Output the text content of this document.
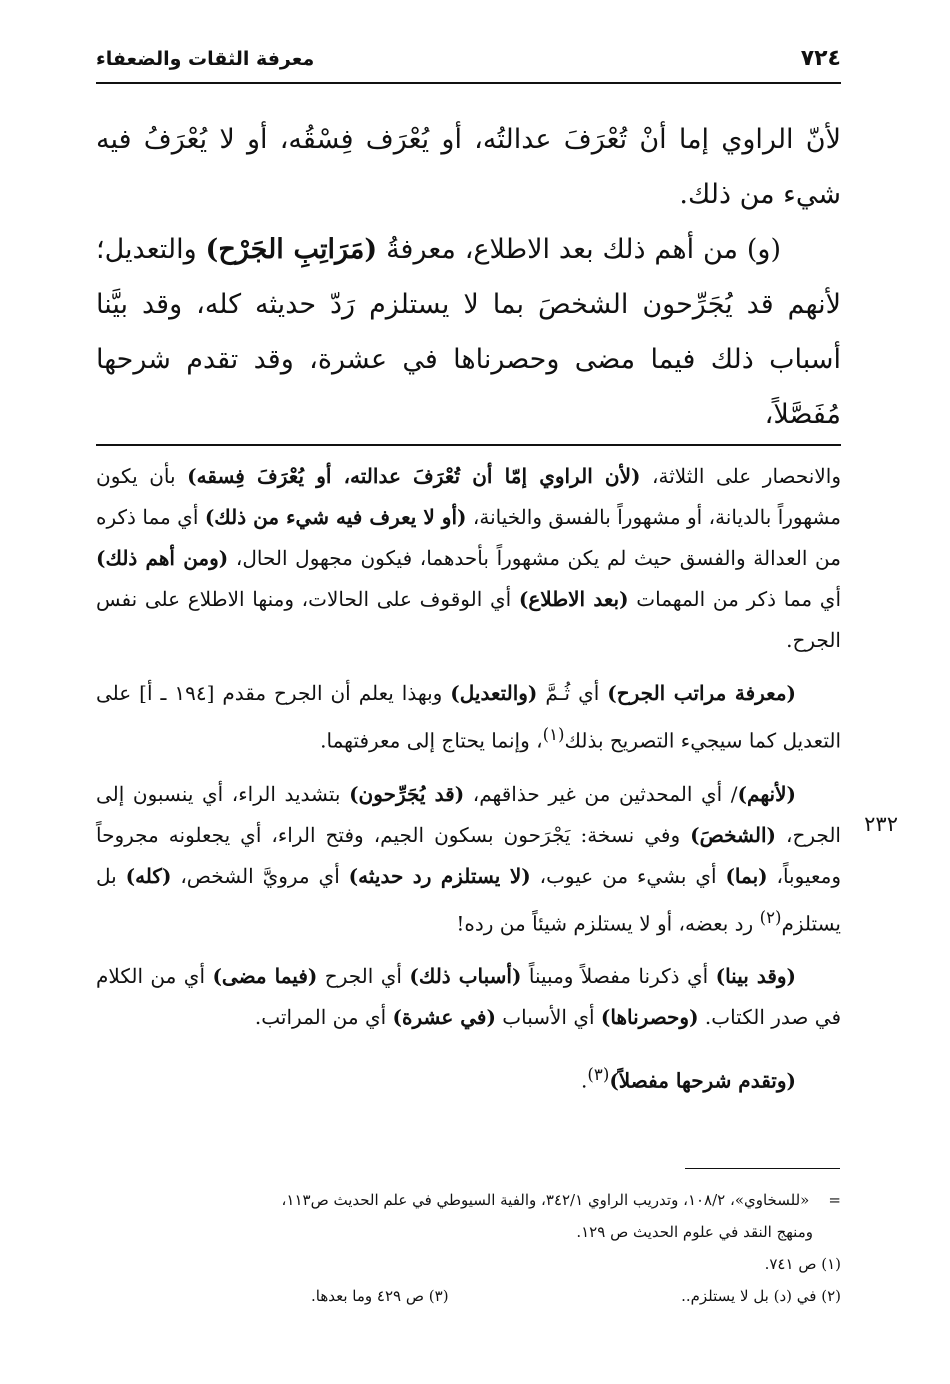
٧٢٤
معرفة الثقات والضعفاء

لأنّ الراوي إما أنْ تُعْرَفَ عدالتُه، أو يُعْرَف فِسْقُه، أو لا يُعْرَفُ فيه شيء من ذلك.

(و) من أهم ذلك بعد الاطلاع، معرفةُ (مَرَاتِبِ الجَرْح) والتعديل؛ لأنهم قد يُجَرِّحون الشخصَ بما لا يستلزم رَدّ حديثه كله، وقد بيَّنا أسباب ذلك فيما مضى وحصرناها في عشرة، وقد تقدم شرحها مُفَصَّلاً،

والانحصار على الثلاثة، (لأن الراوي إمّا أن تُعْرَفَ عدالته، أو يُعْرَفَ فِسقه) بأن يكون مشهوراً بالديانة، أو مشهوراً بالفسق والخيانة، (أو لا يعرف فيه شيء من ذلك) أي مما ذكره من العدالة والفسق حيث لم يكن مشهوراً بأحدهما، فيكون مجهول الحال، (ومن أهم ذلك) أي مما ذكر من المهمات (بعد الاطلاع) أي الوقوف على الحالات، ومنها الاطلاع على نفس الجرح.

(معرفة مراتب الجرح) أي ثُـمَّ (والتعديل) وبهذا يعلم أن الجرح مقدم [١٩٤ ـ أ] على التعديل كما سيجيء التصريح بذلك$^{(١)}$، وإنما يحتاج إلى معرفتهما.

(لأنهم)/ أي المحدثين من غير حذاقهم، (قد يُجَرِّحون) بتشديد الراء، أي ينسبون إلى الجرح، (الشخصَ) وفي نسخة: يَجْرَحون بسكون الجيم، وفتح الراء، أي يجعلونه مجروحاً ومعيوباً، (بما) أي بشيء من عيوب، (لا يستلزم رد حديثه) أي مرويَّ الشخص، (كله) بل يستلزم$^{(٢)}$ رد بعضه، أو لا يستلزم شيئاً من رده!

(وقد بينا) أي ذكرنا مفصلاً ومبيناً (أسباب ذلك) أي الجرح (فيما مضى) أي من الكلام في صدر الكتاب. (وحصرناها) أي الأسباب (في عشرة) أي من المراتب.

(وتقدم شرحها مفصلاً)$^{(٣)}$.

٢٣٢

=    «للسخاوي»، ١٠٨/٢، وتدريب الراوي ٣٤٢/١، والفية السيوطي في علم الحديث ص١١٣،

ومنهج النقد في علوم الحديث ص ١٢٩.

(١) ص ٧٤١.

(٢) في (د) بل لا يستلزم..
(٣) ص ٤٢٩ وما بعدها.
